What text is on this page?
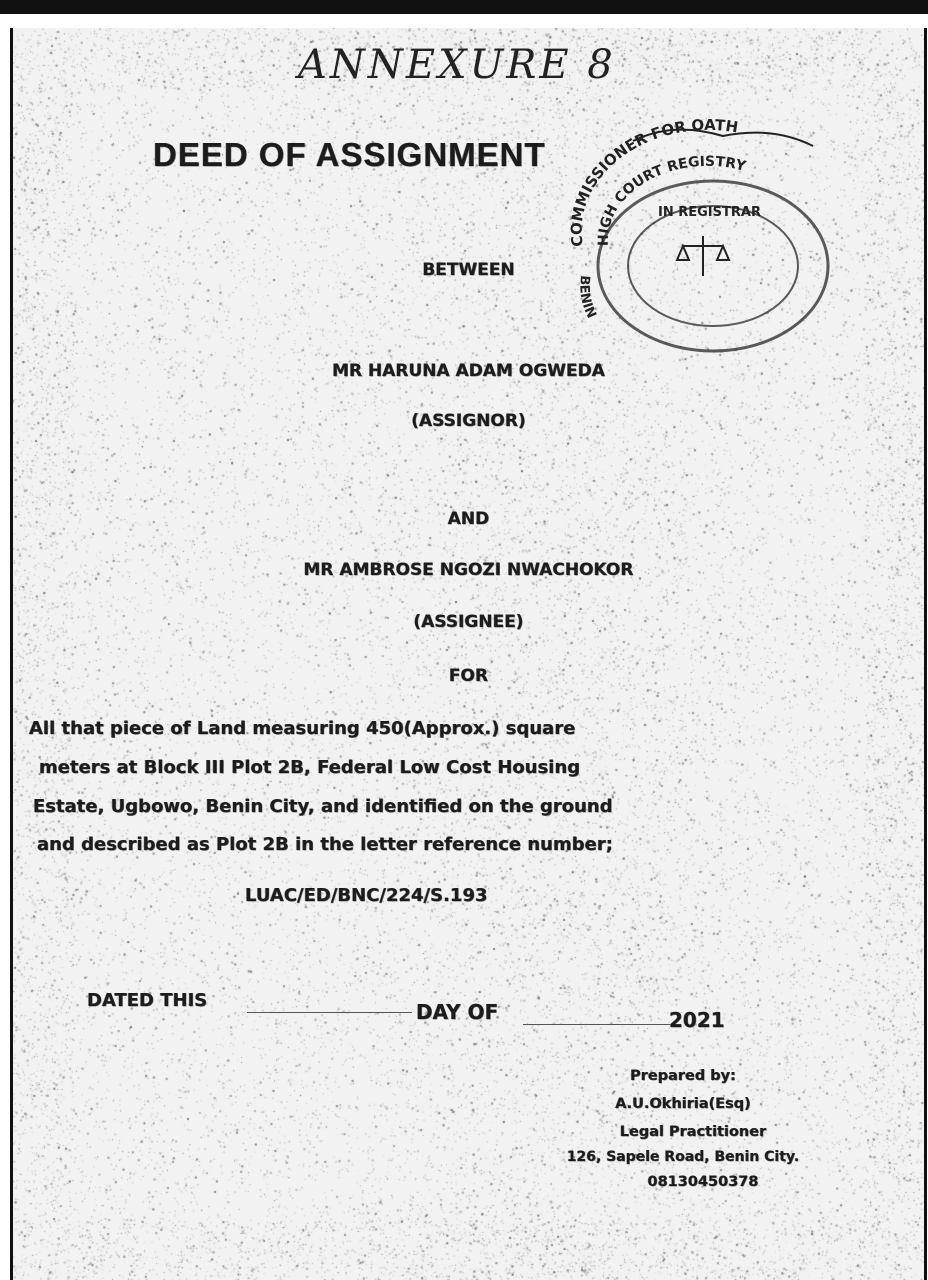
ANNEXURE 8
COMMISSIONER FOR OATH
HIGH COURT REGISTRY
BENIN
IN REGISTRAR
DEED OF ASSIGNMENT
BETWEEN
MR HARUNA ADAM OGWEDA
(ASSIGNOR)
AND
MR AMBROSE NGOZI NWACHOKOR
(ASSIGNEE)
FOR
All that piece of Land measuring 450(Approx.) square
meters at Block III Plot 2B, Federal Low Cost Housing
Estate, Ugbowo, Benin City, and identified on the ground
and described as Plot 2B in the letter reference number;
LUAC/ED/BNC/224/S.193
DATED THIS	DAY OF	2021
Prepared by:
A.U.Okhiria(Esq)
Legal Practitioner
126, Sapele Road, Benin City.
08130450378
